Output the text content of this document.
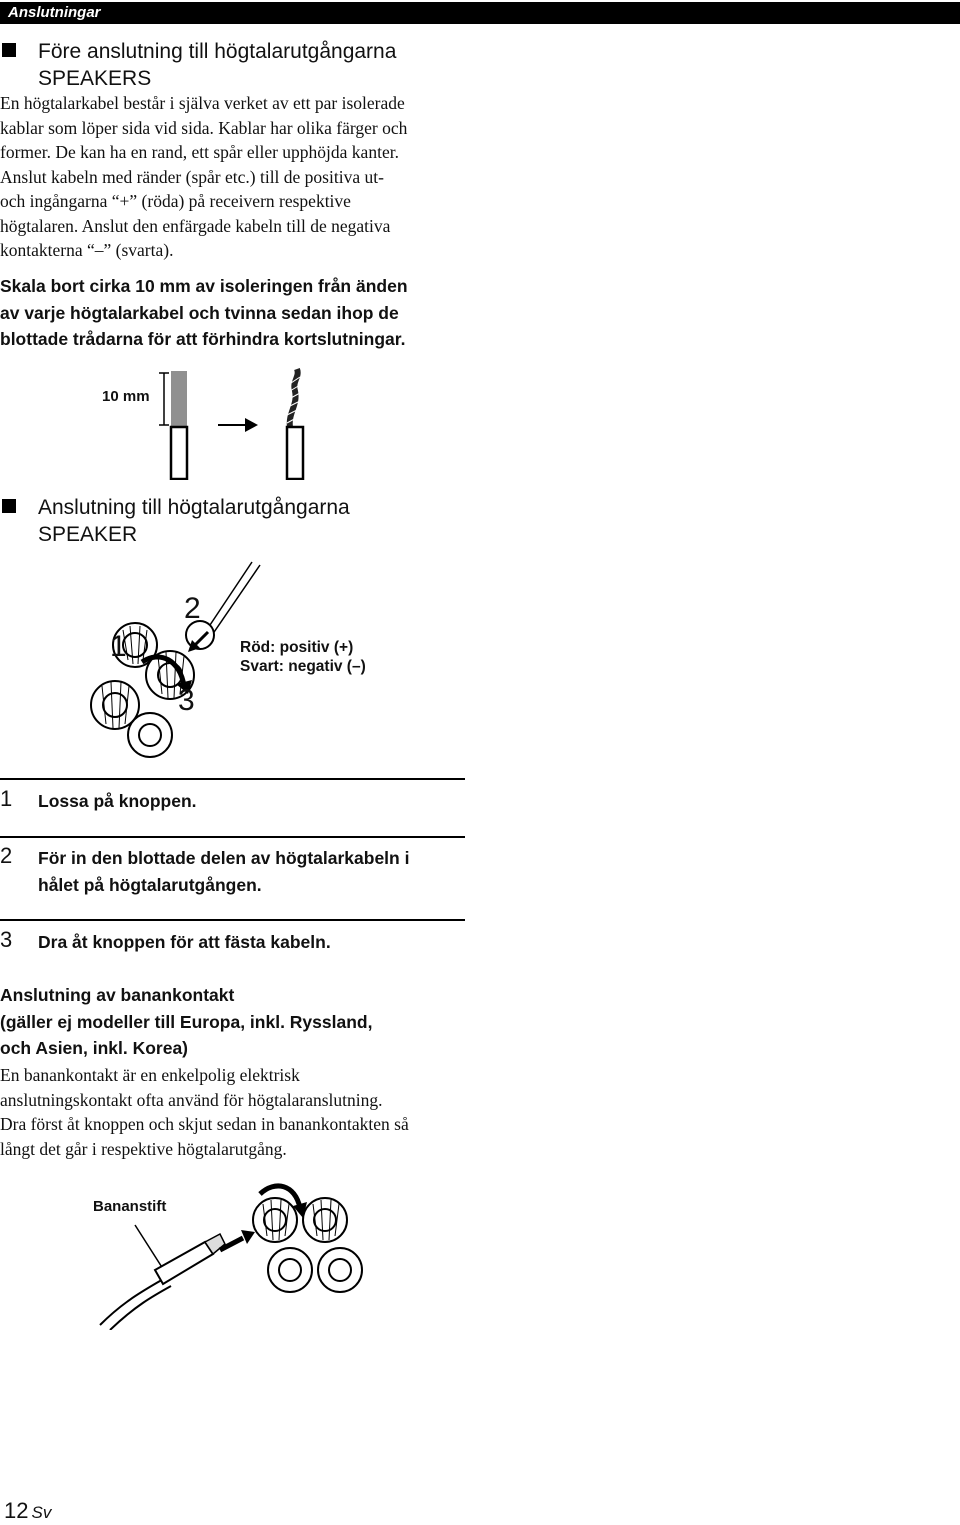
Anslutningar
Före anslutning till högtalarutgångarna
SPEAKERS
En högtalarkabel består i själva verket av ett par isolerade
kablar som löper sida vid sida. Kablar har olika färger och
former. De kan ha en rand, ett spår eller upphöjda kanter.
Anslut kabeln med ränder (spår etc.) till de positiva ut-
och ingångarna “+” (röda) på receivern respektive
högtalaren. Anslut den enfärgade kabeln till de negativa
kontakterna “–” (svarta).
Skala bort cirka 10 mm av isoleringen från änden
av varje högtalarkabel och tvinna sedan ihop de
blottade trådarna för att förhindra kortslutningar.
10 mm
Anslutning till högtalarutgångarna
SPEAKER
1
2
3
Röd: positiv (+)
Svart: negativ (–)
1	Lossa på knoppen.
2	För in den blottade delen av högtalarkabeln i
hålet på högtalarutgången.
3	Dra åt knoppen för att fästa kabeln.
Anslutning av banankontakt
(gäller ej modeller till Europa, inkl. Ryssland,
och Asien, inkl. Korea)
En banankontakt är en enkelpolig elektrisk
anslutningskontakt ofta använd för högtalaranslutning.
Dra först åt knoppen och skjut sedan in banankontakten så
långt det går i respektive högtalarutgång.
Bananstift
12 Sv
